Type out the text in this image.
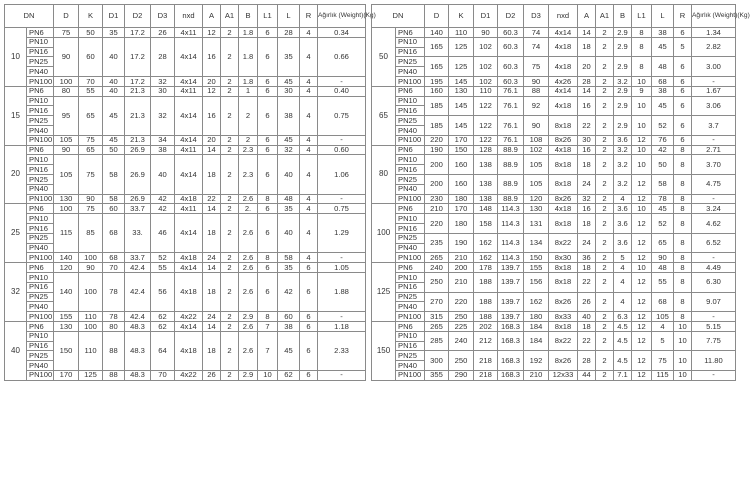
DN		D	K	D1	D2	D3	nxd	A	A1	B	L1	L	R	Ağırlık (Weight)(Kg)
10	PN6	75	50	35	17.2	26	4x11	12	2	1.8	6	28	4	0.34
	PN10	90	60	40	17.2	28	4x14	16	2	1.8	6	35	4	0.66
	PN16													
	PN25													
	PN40													
	PN100	100	70	40	17.2	32	4x14	20	2	1.8	6	45	4	-
15	PN6	80	55	40	21.3	30	4x11	12	2	1	6	30	4	0.40
	PN10	95	65	45	21.3	32	4x14	16	2	2	6	38	4	0.75
	PN16													
	PN25													
	PN40													
	PN100	105	75	45	21.3	34	4x14	20	2	2	6	45	4	-
20	PN6	90	65	50	26.9	38	4x11	14	2	2.3	6	32	4	0.60
	PN10	105	75	58	26.9	40	4x14	18	2	2.3	6	40	4	1.06
	PN16													
	PN25													
	PN40													
	PN100	130	90	58	26.9	42	4x18	22	2	2.6	8	48	4	-
25	PN6	100	75	60	33.7	42	4x11	14	2	2.	6	35	4	0.75
	PN10	115	85	68	33.	46	4x14	18	2	2.6	6	40	4	1.29
	PN16													
	PN25													
	PN40													
	PN100	140	100	68	33.7	52	4x18	24	2	2.6	8	58	4	-
32	PN6	120	90	70	42.4	55	4x14	14	2	2.6	6	35	6	1.05
	PN10	140	100	78	42.4	56	4x18	18	2	2.6	6	42	6	1.88
	PN16													
	PN25													
	PN40													
	PN100	155	110	78	42.4	62	4x22	24	2	2.9	8	60	6	-
40	PN6	130	100	80	48.3	62	4x14	14	2	2.6	7	38	6	1.18
	PN10	150	110	88	48.3	64	4x18	18	2	2.6	7	45	6	2.33
	PN16													
	PN25													
	PN40													
	PN100	170	125	88	48.3	70	4x22	26	2	2.9	10	62	6	-
DN		D	K	D1	D2	D3	nxd	A	A1	B	L1	L	R	Ağırlık (Weight)(Kg)
50	PN6	140	110	90	60.3	74	4x14	14	2	2.9	8	38	6	1.34
	PN10	165	125	102	60.3	74	4x18	18	2	2.9	8	45	5	2.82
	PN16													
	PN25	165	125	102	60.3	75	4x18	20	2	2.9	8	48	6	3.00
	PN40													
	PN100	195	145	102	60.3	90	4x26	28	2	3.2	10	68	6	-
65	PN6	160	130	110	76.1	88	4x14	14	2	2.9	9	38	6	1.67
	PN10	185	145	122	76.1	92	4x18	16	2	2.9	10	45	6	3.06
	PN16													
	PN25	185	145	122	76.1	90	8x18	22	2	2.9	10	52	6	3.7
	PN40													
	PN100	220	170	122	76.1	108	8x26	30	2	3.6	12	76	6	-
80	PN6	190	150	128	88.9	102	4x18	16	2	3.2	10	42	8	2.71
	PN10	200	160	138	88.9	105	8x18	18	2	3.2	10	50	8	3.70
	PN16													
	PN25	200	160	138	88.9	105	8x18	24	2	3.2	12	58	8	4.75
	PN40													
	PN100	230	180	138	88.9	120	8x26	32	2	4	12	78	8	-
100	PN6	210	170	148	114.3	130	4x18	16	2	3.6	10	45	8	3.24
	PN10	220	180	158	114.3	131	8x18	18	2	3.6	12	52	8	4.62
	PN16													
	PN25	235	190	162	114.3	134	8x22	24	2	3.6	12	65	8	6.52
	PN40													
	PN100	265	210	162	114.3	150	8x30	36	2	5	12	90	8	-
125	PN6	240	200	178	139.7	155	8x18	18	2	4	10	48	8	4.49
	PN10	250	210	188	139.7	156	8x18	22	2	4	12	55	8	6.30
	PN16													
	PN25	270	220	188	139.7	162	8x26	26	2	4	12	68	8	9.07
	PN40													
	PN100	315	250	188	139.7	180	8x33	40	2	6.3	12	105	8	-
150	PN6	265	225	202	168.3	184	8x18	18	2	4.5	12	4	10	5.15
	PN10	285	240	212	168.3	184	8x22	22	2	4.5	12	5	10	7.75
	PN16													
	PN25	300	250	218	168.3	192	8x26	28	2	4.5	12	75	10	11.80
	PN40													
	PN100	355	290	218	168.3	210	12x33	44	2	7.1	12	115	10	-
